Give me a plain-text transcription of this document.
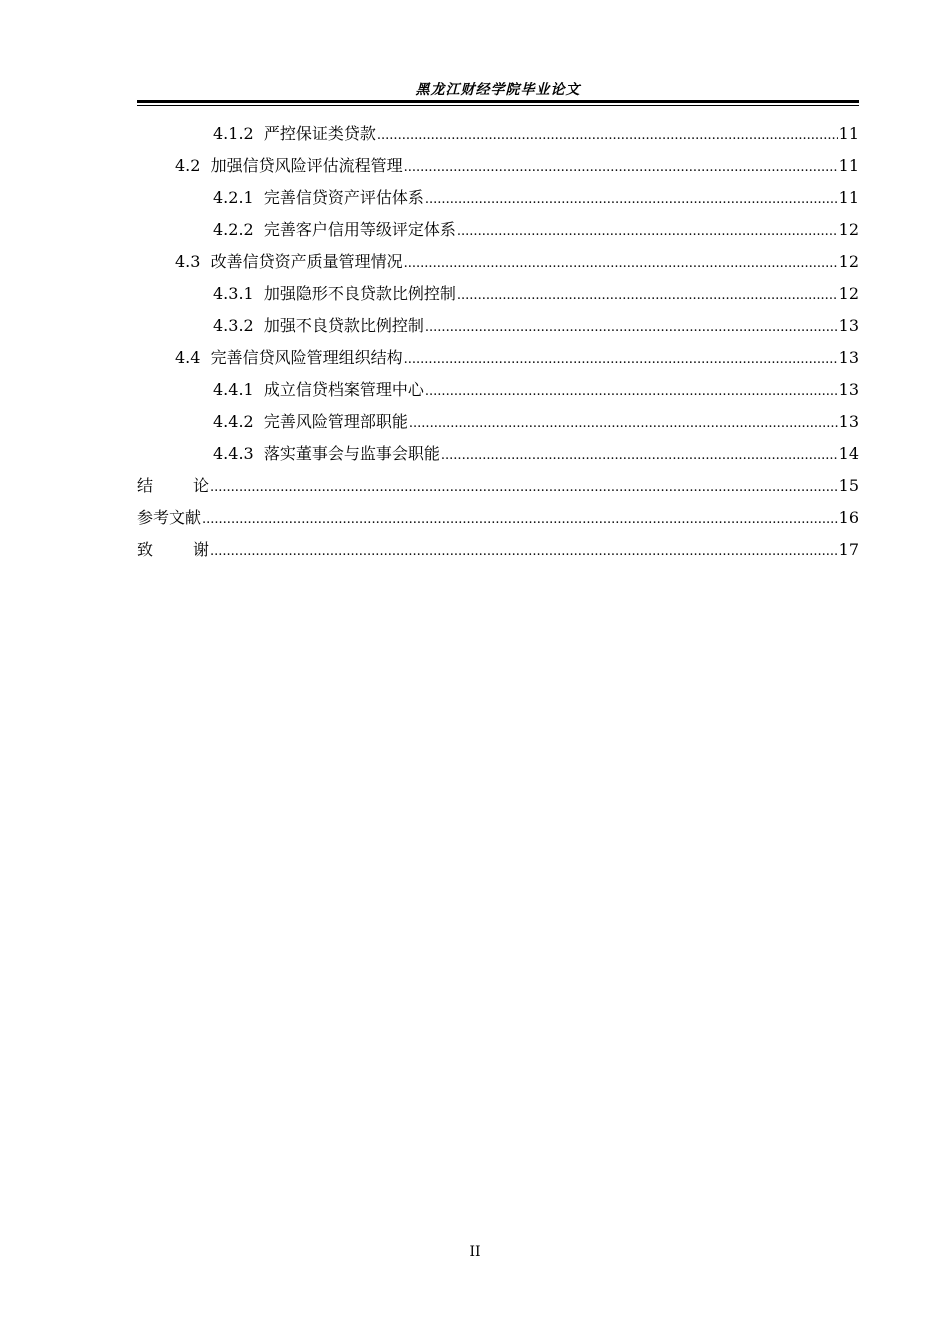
黑龙江财经学院毕业论文
4.1.2 严控保证类贷款 .....	11
4.2 加强信贷风险评估流程管理 .....	11
4.2.1 完善信贷资产评估体系 .....	11
4.2.2 完善客户信用等级评定体系 .....	12
4.3 改善信贷资产质量管理情况 .....	12
4.3.1 加强隐形不良贷款比例控制 .....	12
4.3.2 加强不良贷款比例控制 .....	13
4.4 完善信贷风险管理组织结构 .....	13
4.4.1 成立信贷档案管理中心 .....	13
4.4.2 完善风险管理部职能 .....	13
4.4.3 落实董事会与监事会职能 .....	14
结论 .....	15
参考文献 .....	16
致谢 .....	17
II
